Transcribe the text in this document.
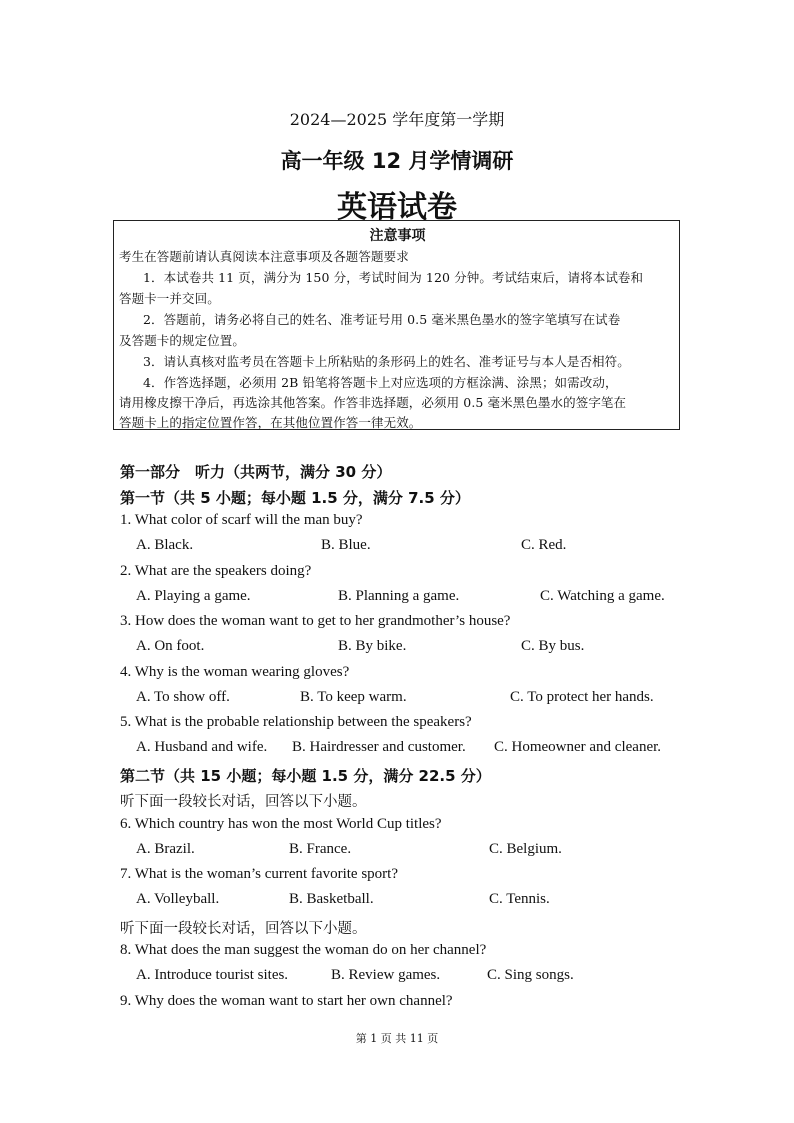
2024—2025 学年度第一学期
高一年级 12 月学情调研
英语试卷
注意事项
考生在答题前请认真阅读本注意事项及各题答题要求
1．本试卷共 11 页，满分为 150 分，考试时间为 120 分钟。考试结束后，请将本试卷和
答题卡一并交回。
2．答题前，请务必将自己的姓名、准考证号用 0.5 毫米黑色墨水的签字笔填写在试卷
及答题卡的规定位置。
3．请认真核对监考员在答题卡上所粘贴的条形码上的姓名、准考证号与本人是否相符。
4．作答选择题，必须用 2B 铅笔将答题卡上对应选项的方框涂满、涂黑；如需改动，
请用橡皮擦干净后，再选涂其他答案。作答非选择题，必须用 0.5 毫米黑色墨水的签字笔在
答题卡上的指定位置作答，在其他位置作答一律无效。
第一部分　听力（共两节，满分 30 分）
第一节（共 5 小题；每小题 1.5 分，满分 7.5 分）
1. What color of scarf will the man buy?
A. Black.	B. Blue.	C. Red.
2. What are the speakers doing?
A. Playing a game.	B. Planning a game.	C. Watching a game.
3. How does the woman want to get to her grandmother’s house?
A. On foot.	B. By bike.	C. By bus.
4. Why is the woman wearing gloves?
A. To show off.	B. To keep warm.	C. To protect her hands.
5. What is the probable relationship between the speakers?
A. Husband and wife. B. Hairdresser and customer. C. Homeowner and cleaner.
第二节（共 15 小题；每小题 1.5 分，满分 22.5 分）
听下面一段较长对话，回答以下小题。
6. Which country has won the most World Cup titles?
A. Brazil.	B. France.	C. Belgium.
7. What is the woman’s current favorite sport?
A. Volleyball.	B. Basketball.	C. Tennis.
听下面一段较长对话，回答以下小题。
8. What does the man suggest the woman do on her channel?
A. Introduce tourist sites.	B. Review games.	C. Sing songs.
9. Why does the woman want to start her own channel?
第 1 页 共 11 页
